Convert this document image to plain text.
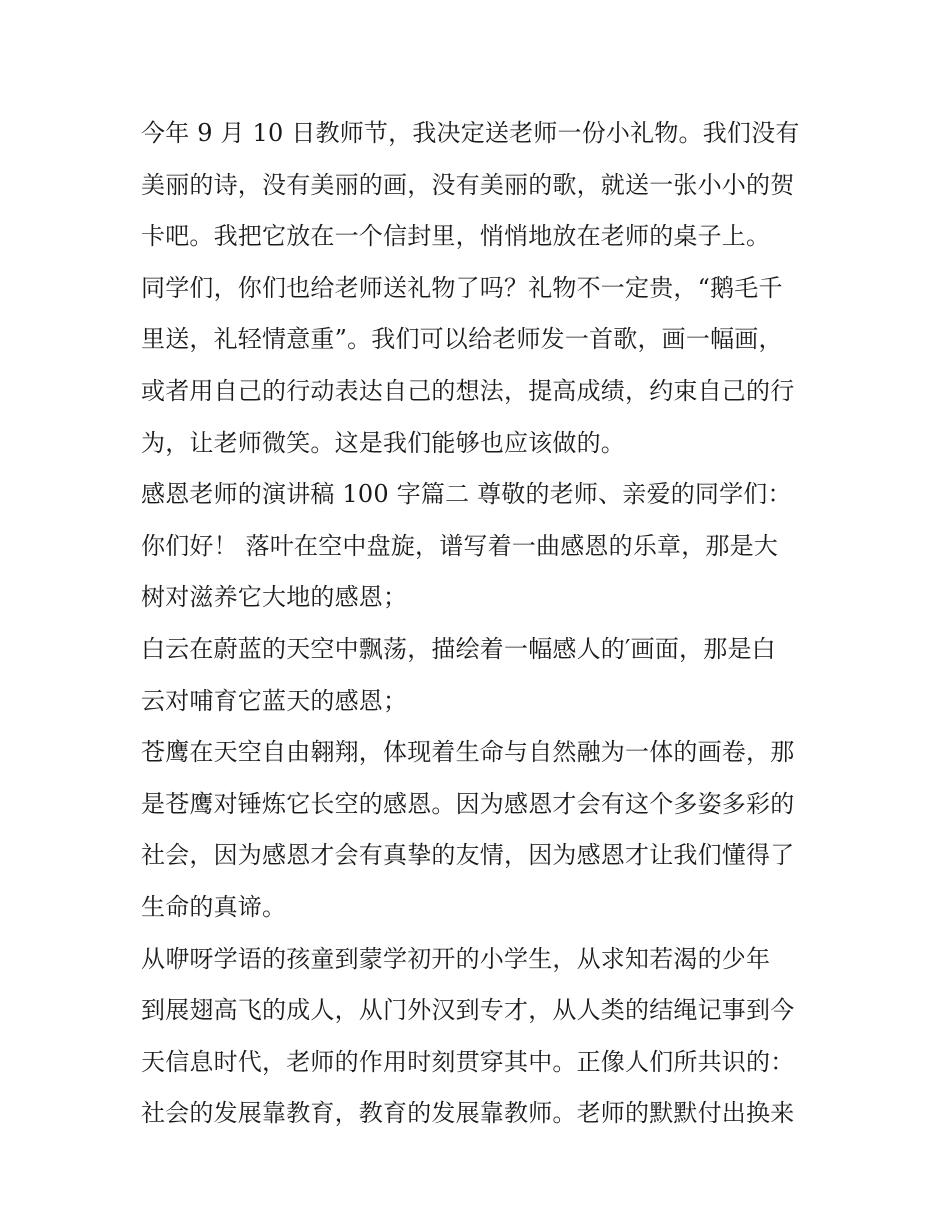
今年 9 月 10 日教师节，我决定送老师一份小礼物。我们没有
美丽的诗，没有美丽的画，没有美丽的歌，就送一张小小的贺
卡吧。我把它放在一个信封里，悄悄地放在老师的桌子上。
同学们，你们也给老师送礼物了吗？礼物不一定贵，“鹅毛千
里送，礼轻情意重”。我们可以给老师发一首歌，画一幅画，
或者用自己的行动表达自己的想法，提高成绩，约束自己的行
为，让老师微笑。这是我们能够也应该做的。
感恩老师的演讲稿 100 字篇二 尊敬的老师、亲爱的同学们：
你们好！ 落叶在空中盘旋，谱写着一曲感恩的乐章，那是大
树对滋养它大地的感恩；
白云在蔚蓝的天空中飘荡，描绘着一幅感人的′画面，那是白
云对哺育它蓝天的感恩；
苍鹰在天空自由翱翔，体现着生命与自然融为一体的画卷，那
是苍鹰对锤炼它长空的感恩。因为感恩才会有这个多姿多彩的
社会，因为感恩才会有真挚的友情，因为感恩才让我们懂得了
生命的真谛。
从咿呀学语的孩童到蒙学初开的小学生，从求知若渴的少年
到展翅高飞的成人，从门外汉到专才，从人类的结绳记事到今
天信息时代，老师的作用时刻贯穿其中。正像人们所共识的：
社会的发展靠教育，教育的发展靠教师。老师的默默付出换来
